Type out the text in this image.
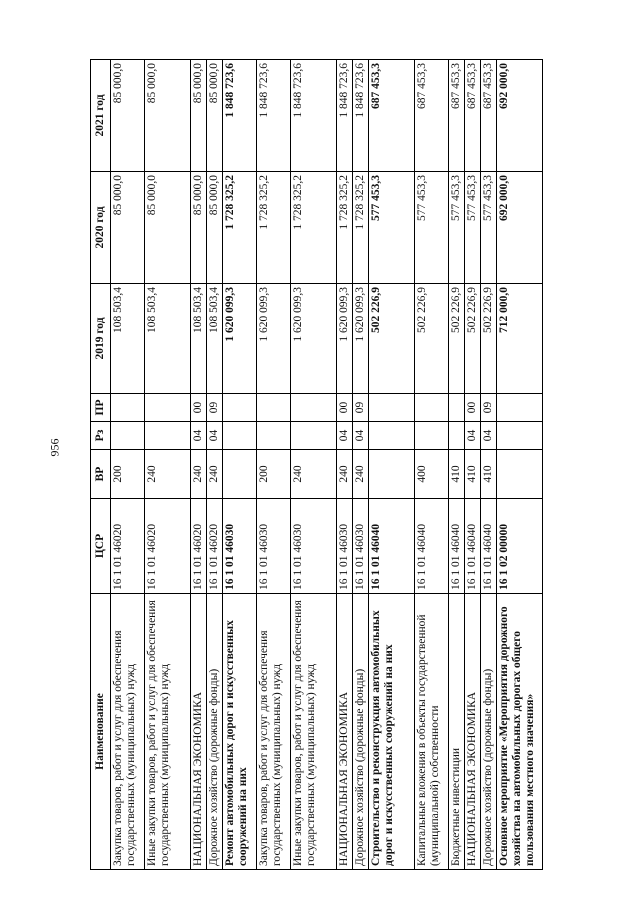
956
Наименование	ЦСР	ВР	Рз	ПР	2019 год	2020 год	2021 год
Закупка товаров, работ и услуг для обеспечения государственных (муниципальных) нужд	16 1 01 46020	200			108 503,4	85 000,0	85 000,0
Иные закупки товаров, работ и услуг для обеспечения государственных (муниципальных) нужд	16 1 01 46020	240			108 503,4	85 000,0	85 000,0
НАЦИОНАЛЬНАЯ ЭКОНОМИКА	16 1 01 46020	240	04	00	108 503,4	85 000,0	85 000,0
Дорожное хозяйство (дорожные фонды)	16 1 01 46020	240	04	09	108 503,4	85 000,0	85 000,0
Ремонт автомобильных дорог и искусственных сооружений на них	16 1 01 46030				1 620 099,3	1 728 325,2	1 848 723,6
Закупка товаров, работ и услуг для обеспечения государственных (муниципальных) нужд	16 1 01 46030	200			1 620 099,3	1 728 325,2	1 848 723,6
Иные закупки товаров, работ и услуг для обеспечения государственных (муниципальных) нужд	16 1 01 46030	240			1 620 099,3	1 728 325,2	1 848 723,6
НАЦИОНАЛЬНАЯ ЭКОНОМИКА	16 1 01 46030	240	04	00	1 620 099,3	1 728 325,2	1 848 723,6
Дорожное хозяйство (дорожные фонды)	16 1 01 46030	240	04	09	1 620 099,3	1 728 325,2	1 848 723,6
Строительство и реконструкция автомобильных дорог и искусственных сооружений на них	16 1 01 46040				502 226,9	577 453,3	687 453,3
Капитальные вложения в объекты государственной (муниципальной) собственности	16 1 01 46040	400			502 226,9	577 453,3	687 453,3
Бюджетные инвестиции	16 1 01 46040	410			502 226,9	577 453,3	687 453,3
НАЦИОНАЛЬНАЯ ЭКОНОМИКА	16 1 01 46040	410	04	00	502 226,9	577 453,3	687 453,3
Дорожное хозяйство (дорожные фонды)	16 1 01 46040	410	04	09	502 226,9	577 453,3	687 453,3
Основное мероприятие «Мероприятия дорожного хозяйства на автомобильных дорогах общего пользования местного значения»	16 1 02 00000				712 000,0	692 000,0	692 000,0
